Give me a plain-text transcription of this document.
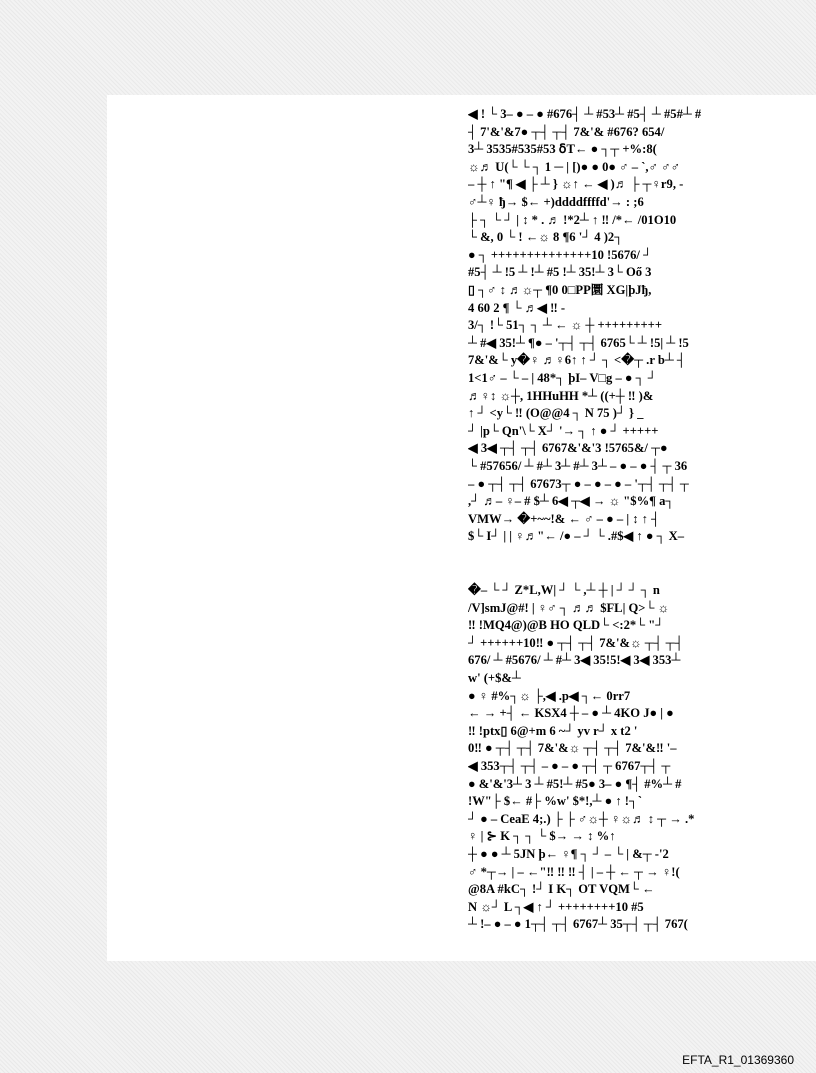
◀ ! └ 3– ● – ● #676┤ ┴ #53┴ #5┤ ┴ #5#┴ #
┤ 7'&'&7● ┬┤ ┬┤ 7&'& #676? 654/
3┴ 3535#535#53 ẟT← ● ┐┬ +%:8(
☼♬ U(└ └ ┐ 1 ─ | [)● ● 0● ♂ – `,♂ ♂♂
– ┼ ↑ "¶ ◀ ├ ┴ } ☼↑ ← ◀ )♬ ├ ┬♀r9, -
♂┴♀ ђ→ $← +)ddddffffd'→ : ;6
├ ┐ └ ┘ | ↕ * . ♬ !*2┴ ↑ ‼ /*← /01O10
└ &, 0 └ ! ←☼ 8 ¶6 '┘ 4 )2┐
● ┐ ++++++++++++++10 !5676/ ┘
#5┤ ┴ !5 ┴ !┴ #5 !┴ 35!┴ 3└ Oő 3
▯ ┐♂ ↕ ♬☼┬ ¶0 0□PP圜 XG|þJђ,
4 60 2 ¶ └ ♬◀ ‼ -
3/┐ !└ 51┐ ┐ ┴ ← ☼ ┼ +++++++++
┴ #◀ 35!┴ ¶● – '┬┤ ┬┤ 6765└ ┴ !5| ┴ !5
7&'&└ y�♀ ♬♀6↑ ↑ ┘ ┐ <�┬ .r b┴ ┤
1<1♂ – └ – | 48*┐ þI– V□g – ● ┐ ┘
♬♀↕ ☼┼, 1HHuHH *┴ ((+┼ ‼ )&
↑ ┘ <y└ ‼ (O@@4 ┐ N 75 )┘ } _
┘ |p└ Qn'\└ X┘ '→ ┐ ↑ ● ┘ +++++
◀ 3◀ ┬┤ ┬┤ 6767&'&'3 !5765&/ ┬●
└ #57656/ ┴ #┴ 3┴ #┴ 3┴ – ● – ● ┤ ┬ 36
– ● ┬┤ ┬┤ 67673┬ ● – ● – ● – '┬┤ ┬┤ ┬
,┘ ♬– ♀– # $┴ 6◀ ┬◀ → ☼ "$%¶ a┐
VMW→ �+~~!& ← ♂ – ● – | ↕ ↑ ┤
$└ I┘ | | ♀♬"← /● – ┘ └ .#$◀ ↑ ● ┐ X–
�– └ ┘ Z*L,W| ┘ └ ,┴ ┼ | ┘ ┘ ┐ n
/V]smJ@#! | ♀♂ ┐ ♬♬ $FL| Q>└ ☼
‼ !MQ4@)@B HO QLD└ <:2*└ "┘
┘ ++++++10‼ ● ┬┤ ┬┤ 7&'&☼ ┬┤ ┬┤
676/ ┴ #5676/ ┴ #┴ 3◀ 35!5!◀ 3◀ 353┴
w' (+$&┴
● ♀ #%┐☼ ├,◀ .p◀ ┐← 0rr7
← → +┤ ← KSX4 ┼ – ● ┴ 4KO J● | ●
‼ !ptx▯ 6@+m 6 ~┘ yv r┘ x t2 '
0‼ ● ┬┤ ┬┤ 7&'&☼ ┬┤ ┬┤ 7&'&‼ '–
◀ 353┬┤ ┬┤ – ● – ● ┬┤ ┬ 6767┬┤ ┬
● &'&'3┴ 3 ┴ #5!┴ #5● 3– ● ¶┤ #%┴ #
!W"├ $← #├ %w' $*!,┴ ● ↑ !┐`
┘ ● – CeaE 4;.) ├ ├ ♂☼┼ ♀☼♬ ↕ ┬ → .*
♀ | ⊱ K ┐ ┐ └ $→ → ↕ %↑
┼ ● ● ┴ 5JN þ← ♀¶ ┐ ┘ – └ | &┬ -'2
♂ *┬→ | – ←"‼ ‼ ‼ ┤ | – ┼ ← ┬ → ♀!(
@8A #kC┐ !┘ I K┐ OT VQM└ ←
N ☼┘ L ┐◀ ↑ ┘ ++++++++10 #5
┴ !– ● – ● 1┬┤ ┬┤ 6767┴ 35┬┤ ┬┤ 767(
EFTA_R1_01369360
